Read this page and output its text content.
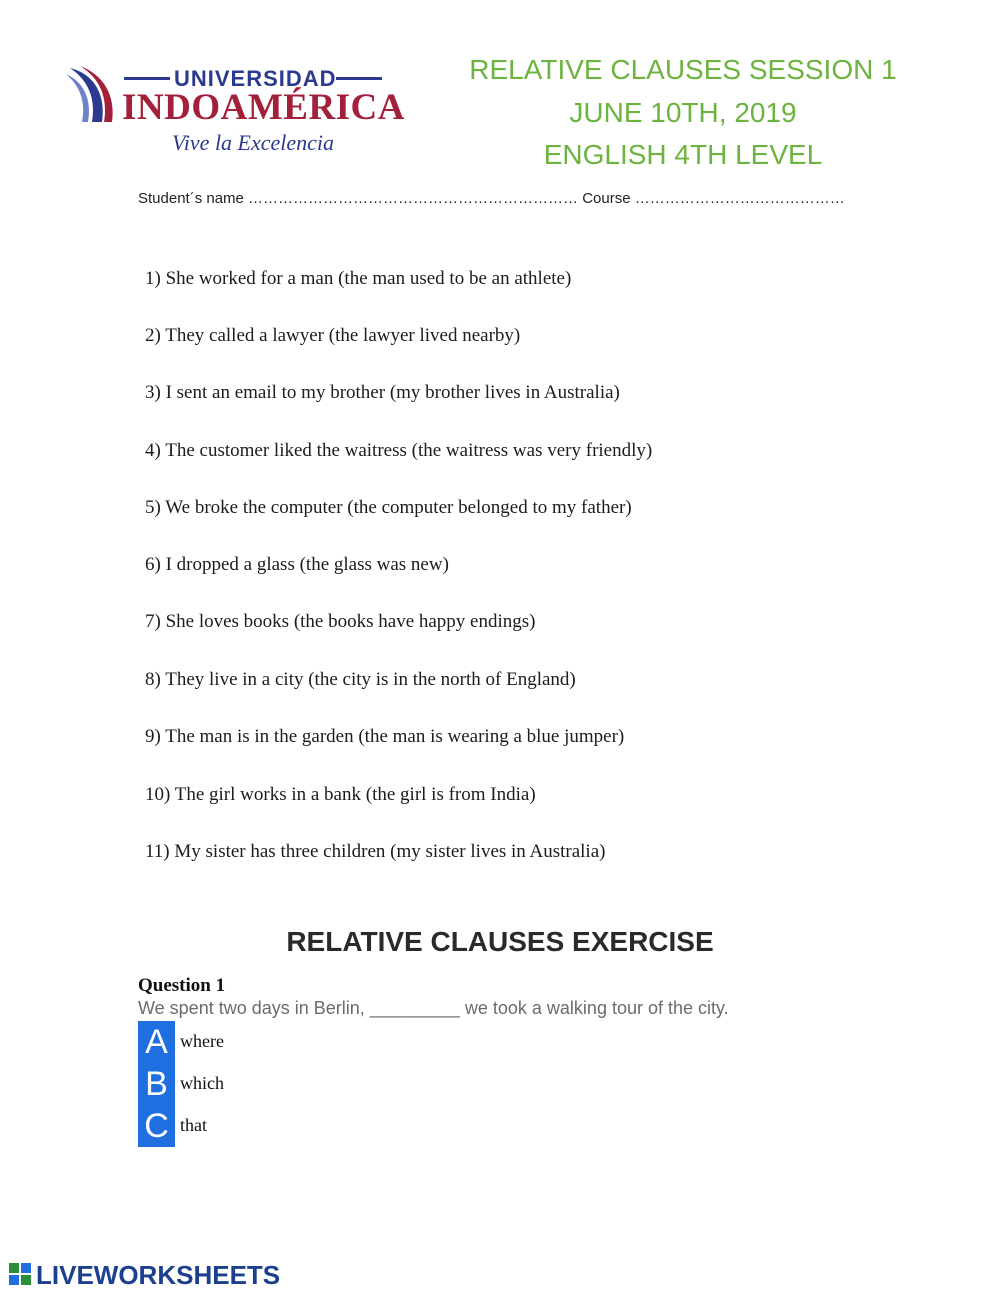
UNIVERSIDAD
INDOAMÉRICA
Vive la Excelencia
RELATIVE CLAUSES SESSION 1
JUNE 10TH, 2019
ENGLISH 4TH LEVEL
Student´s name ………………………………………………………… Course ……………………………………
1) She worked for a man (the man used to be an athlete)
2) They called a lawyer (the lawyer lived nearby)
3) I sent an email to my brother (my brother lives in Australia)
4) The customer liked the waitress (the waitress was very friendly)
5) We broke the computer (the computer belonged to my father)
6) I dropped a glass (the glass was new)
7) She loves books (the books have happy endings)
8) They live in a city (the city is in the north of England)
9) The man is in the garden (the man is wearing a blue jumper)
10) The girl works in a bank (the girl is from India)
11) My sister has three children (my sister lives in Australia)
RELATIVE CLAUSES EXERCISE
Question 1
We spent two days in Berlin, _________ we took a walking tour of the city.
A where
B which
C that
LIVEWORKSHEETS
